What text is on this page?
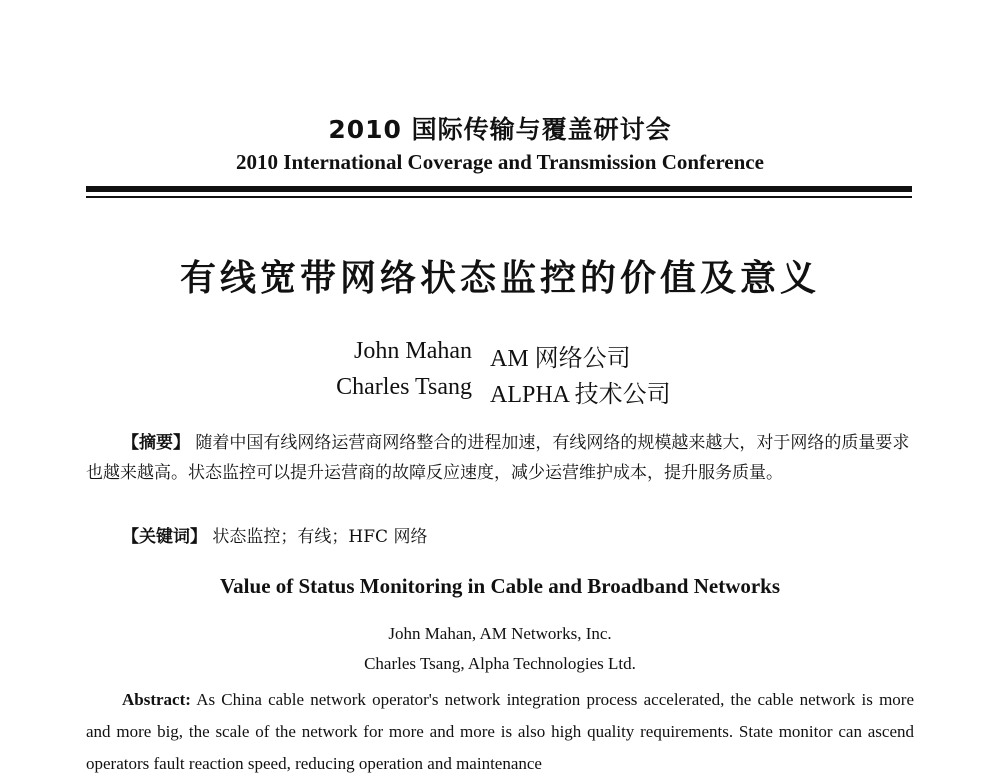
2010 国际传输与覆盖研讨会
2010 International Coverage and Transmission Conference
有线宽带网络状态监控的价值及意义
John Mahan AM 网络公司
Charles Tsang ALPHA 技术公司
【摘要】 随着中国有线网络运营商网络整合的进程加速，有线网络的规模越来越大，对于网络的质量要求也越来越高。状态监控可以提升运营商的故障反应速度，减少运营维护成本，提升服务质量。
【关键词】 状态监控；有线；HFC 网络
Value of Status Monitoring in Cable and Broadband Networks
John Mahan, AM Networks, Inc.
Charles Tsang, Alpha Technologies Ltd.
Abstract: As China cable network operator's network integration process accelerated, the cable network is more and more big, the scale of the network for more and more is also high quality requirements. State monitor can ascend operators fault reaction speed, reducing operation and maintenance
